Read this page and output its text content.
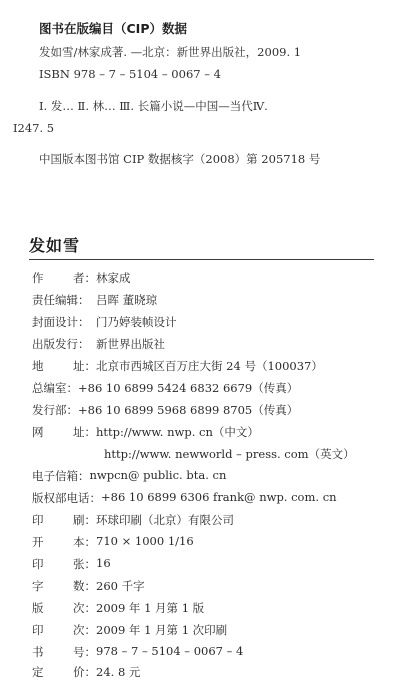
图书在版编目（CIP）数据
发如雪/林家成著. —北京：新世界出版社，2009. 1
ISBN 978 – 7 – 5104 – 0067 – 4
Ⅰ. 发… Ⅱ. 林… Ⅲ. 长篇小说—中国—当代Ⅳ.
I247. 5
中国版本图书馆 CIP 数据核字（2008）第 205718 号
发如雪
作	者： 林家成
责任编辑： 吕晖 董晓琼
封面设计： 门乃婷装帧设计
出版发行： 新世界出版社
地	址： 北京市西城区百万庄大街 24 号（100037）
总编室：+86 10 6899 5424 6832 6679（传真）
发行部：+86 10 6899 5968 6899 8705（传真）
网	址： http://www. nwp. cn（中文）
http://www. newworld – press. com（英文）
电子信箱：nwpcn@ public. bta. cn
版权部电话：+86 10 6899 6306 frank@ nwp. com. cn
印	刷： 环球印刷（北京）有限公司
开	本： 710 × 1000 1/16
印	张： 16
字	数： 260 千字
版	次： 2009 年 1 月第 1 版
印	次： 2009 年 1 月第 1 次印刷
书	号： 978 – 7 – 5104 – 0067 – 4
定	价： 24. 8 元
